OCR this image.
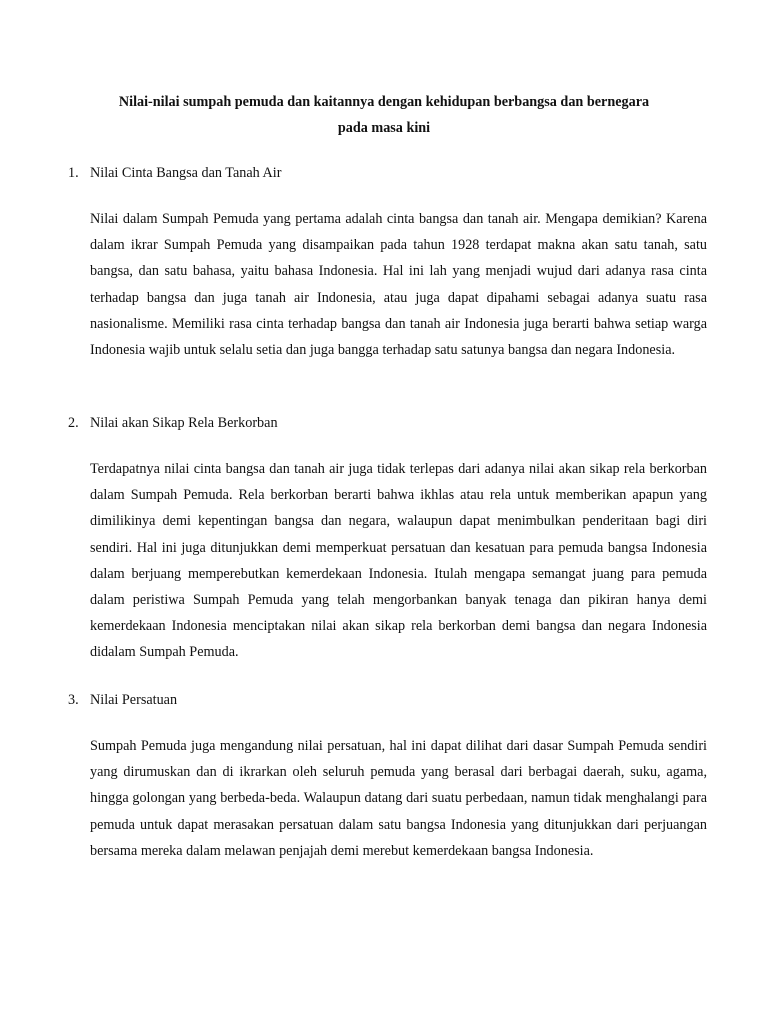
Nilai-nilai sumpah pemuda dan kaitannya dengan kehidupan berbangsa dan bernegara
pada masa kini
1. Nilai Cinta Bangsa dan Tanah Air

Nilai dalam Sumpah Pemuda yang pertama adalah cinta bangsa dan tanah air. Mengapa demikian? Karena dalam ikrar Sumpah Pemuda yang disampaikan pada tahun 1928 terdapat makna akan satu tanah, satu bangsa, dan satu bahasa, yaitu bahasa Indonesia. Hal ini lah yang menjadi wujud dari adanya rasa cinta terhadap bangsa dan juga tanah air Indonesia, atau juga dapat dipahami sebagai adanya suatu rasa nasionalisme. Memiliki rasa cinta terhadap bangsa dan tanah air Indonesia juga berarti bahwa setiap warga Indonesia wajib untuk selalu setia dan juga bangga terhadap satu satunya bangsa dan negara Indonesia.

2. Nilai akan Sikap Rela Berkorban

Terdapatnya nilai cinta bangsa dan tanah air juga tidak terlepas dari adanya nilai akan sikap rela berkorban dalam Sumpah Pemuda. Rela berkorban berarti bahwa ikhlas atau rela untuk memberikan apapun yang dimilikinya demi kepentingan bangsa dan negara, walaupun dapat menimbulkan penderitaan bagi diri sendiri. Hal ini juga ditunjukkan demi memperkuat persatuan dan kesatuan para pemuda bangsa Indonesia dalam berjuang memperebutkan kemerdekaan Indonesia. Itulah mengapa semangat juang para pemuda dalam peristiwa Sumpah Pemuda yang telah mengorbankan banyak tenaga dan pikiran hanya demi kemerdekaan Indonesia menciptakan nilai akan sikap rela berkorban demi bangsa dan negara Indonesia didalam Sumpah Pemuda.

3. Nilai Persatuan

Sumpah Pemuda juga mengandung nilai persatuan, hal ini dapat dilihat dari dasar Sumpah Pemuda sendiri yang dirumuskan dan di ikrarkan oleh seluruh pemuda yang berasal dari berbagai daerah, suku, agama, hingga golongan yang berbeda-beda. Walaupun datang dari suatu perbedaan, namun tidak menghalangi para pemuda untuk dapat merasakan persatuan dalam satu bangsa Indonesia yang ditunjukkan dari perjuangan bersama mereka dalam melawan penjajah demi merebut kemerdekaan bangsa Indonesia.
